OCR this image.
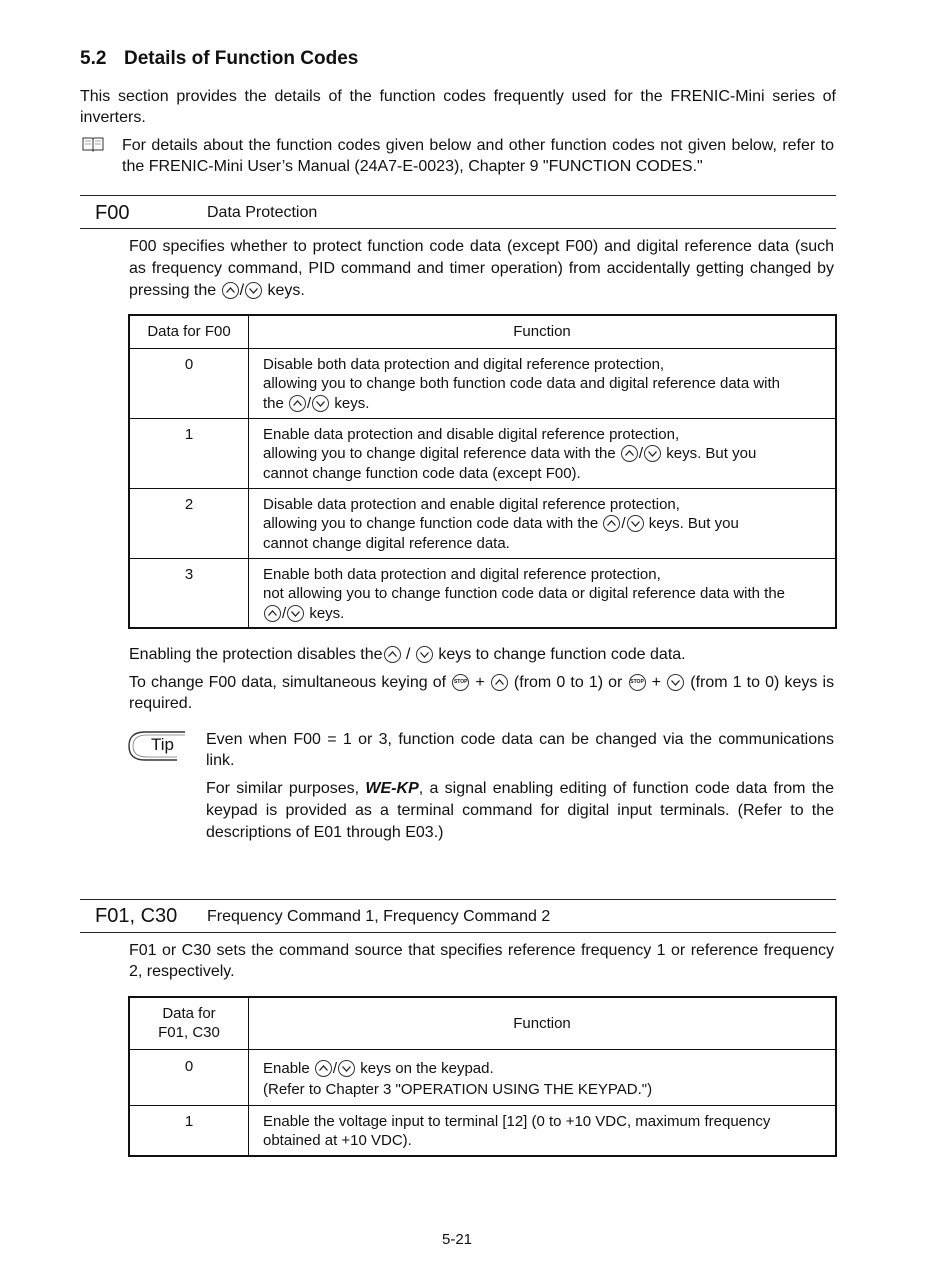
5.2 Details of Function Codes
This section provides the details of the function codes frequently used for the FRENIC-Mini series of inverters.
For details about the function codes given below and other function codes not given below, refer to the FRENIC-Mini User’s Manual (24A7-E-0023), Chapter 9 "FUNCTION CODES."
F00	Data Protection
F00 specifies whether to protect function code data (except F00) and digital reference data (such as frequency command, PID command and timer operation) from accidentally getting changed by pressing the / keys.
Data for F00	Function
0	Disable both data protection and digital reference protection,
allowing you to change both function code data and digital reference data with
the / keys.

1	Enable data protection and disable digital reference protection,
allowing you to change digital reference data with the / keys. But you
cannot change function code data (except F00).

2	Disable data protection and enable digital reference protection,
allowing you to change function code data with the / keys. But you
cannot change digital reference data.

3	Enable both data protection and digital reference protection,
not allowing you to change function code data or digital reference data with the
/ keys.
Enabling the protection disables the / keys to change function code data.
To change F00 data, simultaneous keying of STOP + (from 0 to 1) or STOP + (from 1 to 0) keys is required.
Tip Even when F00 = 1 or 3, function code data can be changed via the communications link.
For similar purposes, WE-KP, a signal enabling editing of function code data from the keypad is provided as a terminal command for digital input terminals. (Refer to the descriptions of E01 through E03.)
F01, C30 Frequency Command 1, Frequency Command 2
F01 or C30 sets the command source that specifies reference frequency 1 or reference frequency 2, respectively.
Data for
F01, C30	Function
0	Enable / keys on the keypad.
(Refer to Chapter 3 "OPERATION USING THE KEYPAD.")

1	Enable the voltage input to terminal [12] (0 to +10 VDC, maximum frequency
obtained at +10 VDC).
5-21
